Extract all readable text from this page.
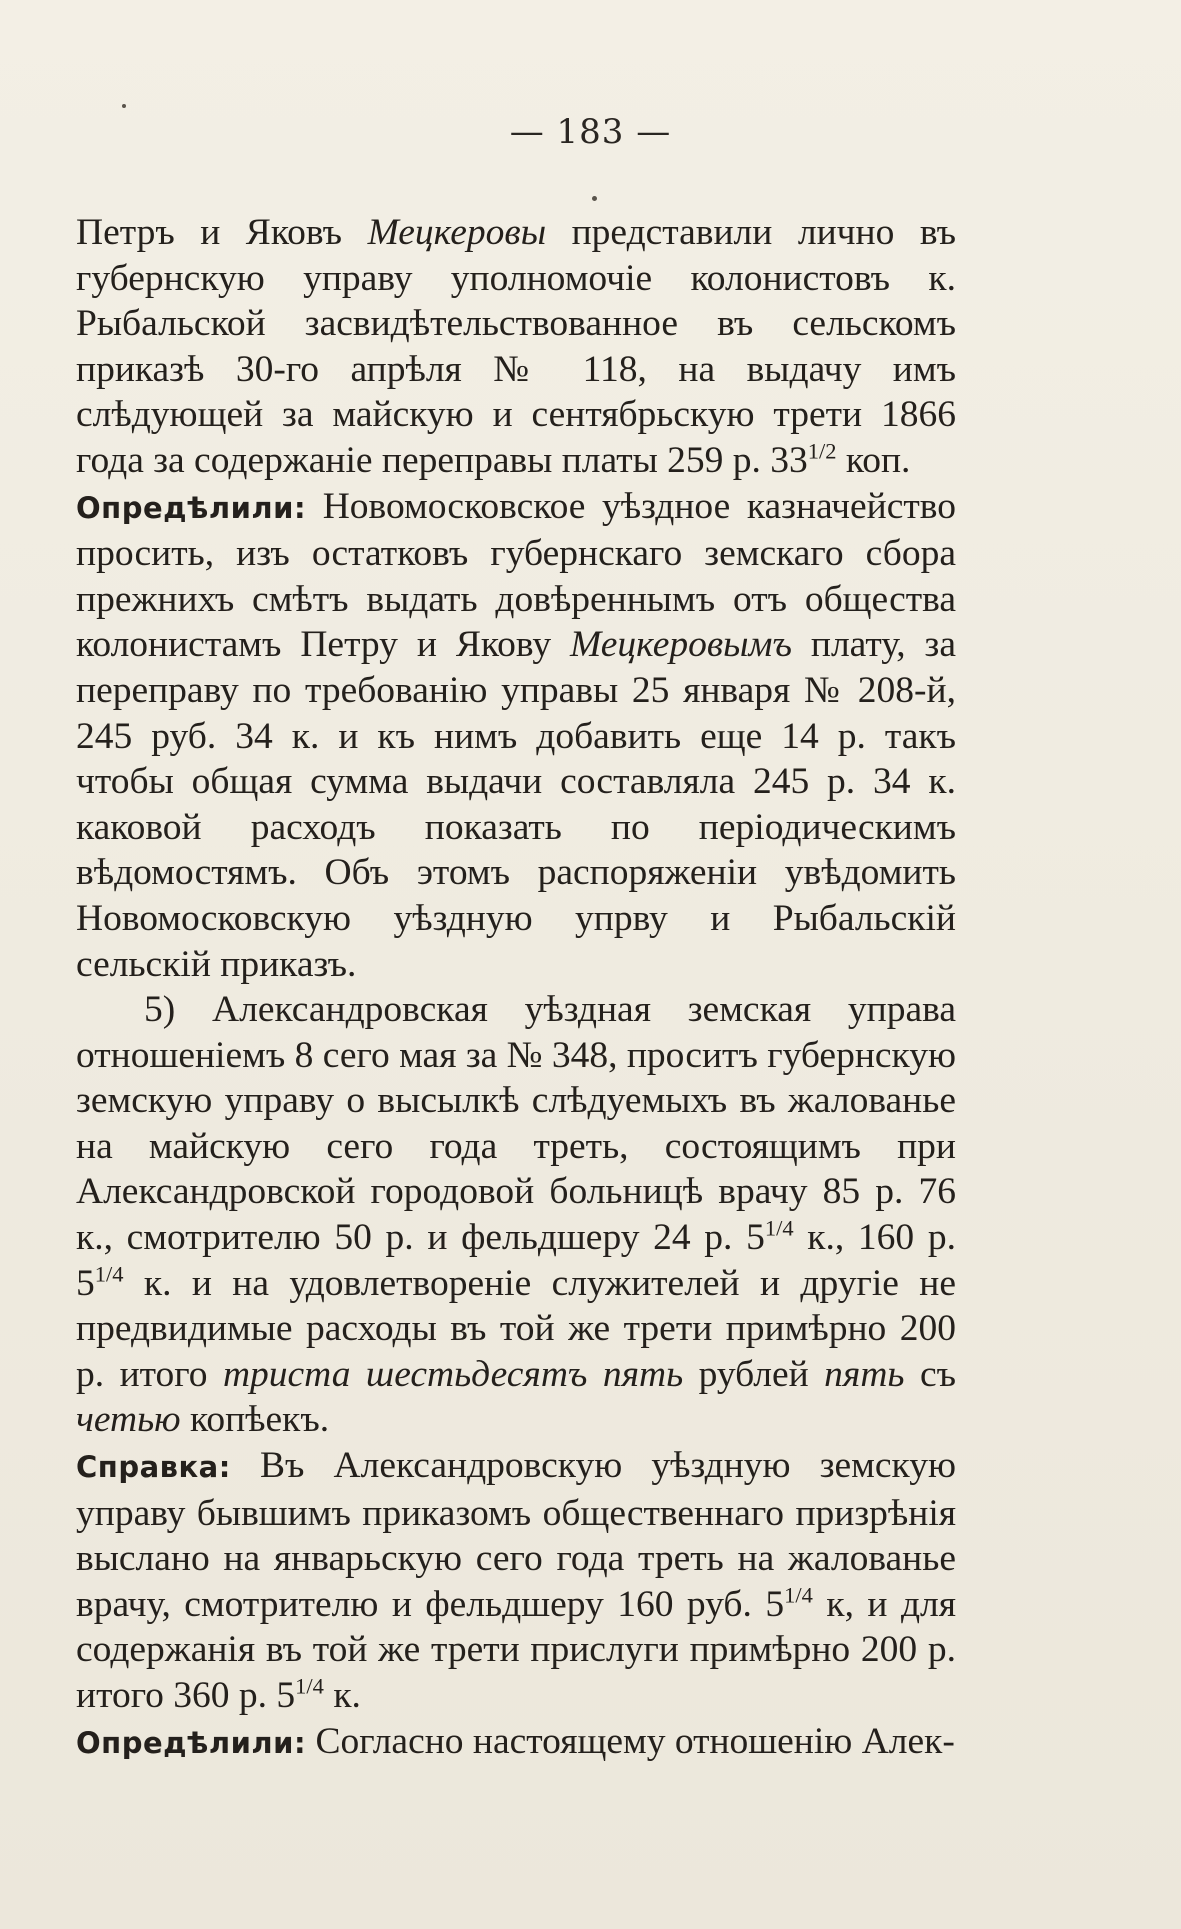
— 183 —

Петръ и Яковъ Мецкеровы представили лично въ губернскую управу уполномочіе колонистовъ к. Рыбальской засвидѣтельствованное въ сельскомъ приказѣ 30-го апрѣля № 118, на выдачу имъ слѣдующей за майскую и сентябрьскую трети 1866 года за содержаніе переправы платы 259 р. $33^{1/2}$ коп.

Опредѣлили: Новомосковское уѣздное казначейство просить, изъ остатковъ губернскаго земскаго сбора прежнихъ смѣтъ выдать довѣреннымъ отъ общества колонистамъ Петру и Якову Мецкеровымъ плату, за переправу по требованію управы 25 января № 208-й, 245 руб. 34 к. и къ нимъ добавить еще 14 р. такъ чтобы общая сумма выдачи составляла 245 р. 34 к. каковой расходъ показать по періодическимъ вѣдомостямъ. Объ этомъ распоряженіи увѣдомить Новомосковскую уѣздную упрву и Рыбальскій сельскій приказъ.

5) Александровская уѣздная земская управа отношеніемъ 8 сего мая за № 348, проситъ губернскую земскую управу о высылкѣ слѣдуемыхъ въ жалованье на майскую сего года треть, состоящимъ при Александровской городовой больницѣ врачу 85 р. 76 к., смотрителю 50 р. и фельдшеру 24 р. $5^{1/4}$ к., 160 р. $5^{1/4}$ к. и на удовлетвореніе служителей и другіе не предвидимые расходы въ той же трети примѣрно 200 р. итого триста шестьдесятъ пять рублей пять съ четью копѣекъ.

Справка: Въ Александровскую уѣздную земскую управу бывшимъ приказомъ общественнаго призрѣнія выслано на январьскую сего года треть на жалованье врачу, смотрителю и фельдшеру 160 руб. $5^{1/4}$ к, и для содержанія въ той же трети прислуги примѣрно 200 р. итого 360 р. $5^{1/4}$ к.

Опредѣлили: Согласно настоящему отношенію Алек-
